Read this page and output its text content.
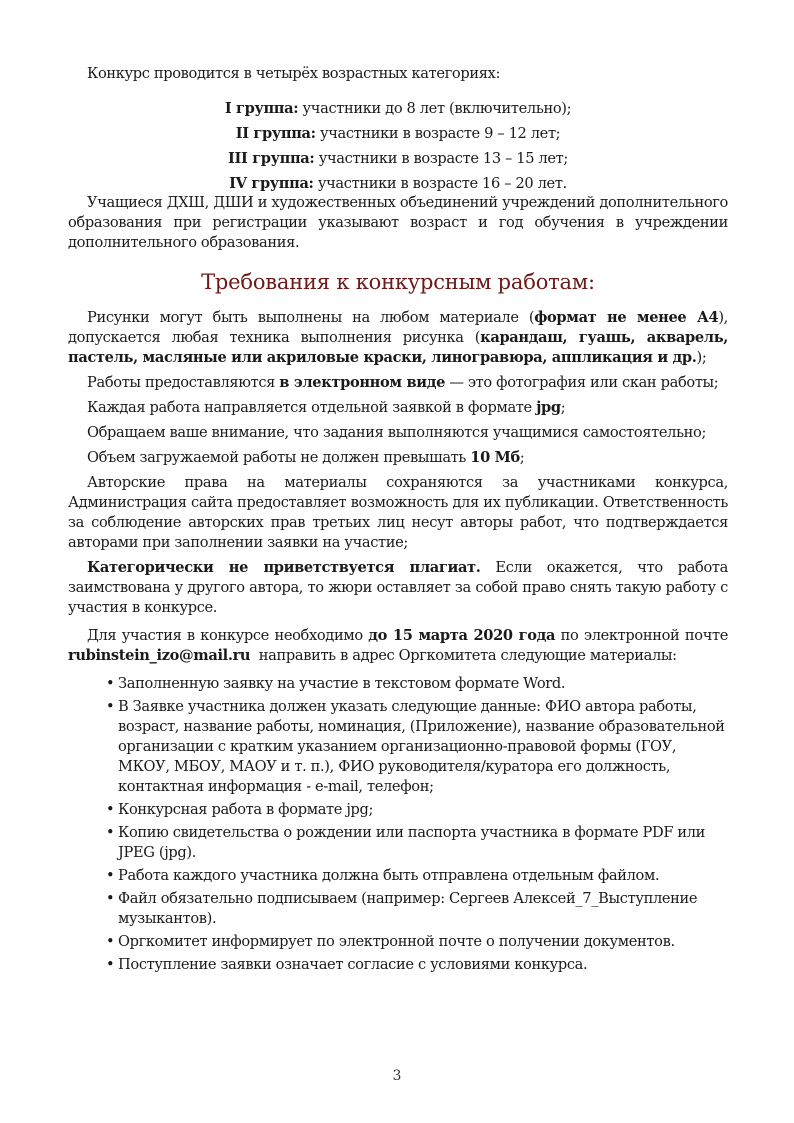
Конкурс проводится в четырёх возрастных категориях:

I группа: участники до 8 лет (включительно);
II группа: участники в возрасте 9 – 12 лет;
III группа: участники в возрасте 13 – 15 лет;
IV группа: участники в возрасте 16 – 20 лет.

Учащиеся ДХШ, ДШИ и художественных объединений учреждений дополнительного образования при регистрации указывают возраст и год обучения в учреждении дополнительного образования.

Требования к конкурсным работам:

Рисунки могут быть выполнены на любом материале (формат не менее А4), допускается любая техника выполнения рисунка (карандаш, гуашь, акварель, пастель, масляные или акриловые краски, линогравюра, аппликация и др.);

Работы предоставляются в электронном виде — это фотография или скан работы;

Каждая работа направляется отдельной заявкой в формате jpg;

Обращаем ваше внимание, что задания выполняются учащимися самостоятельно;

Объем загружаемой работы не должен превышать 10 Мб;

Авторские права на материалы сохраняются за участниками конкурса, Администрация сайта предоставляет возможность для их публикации. Ответственность за соблюдение авторских прав третьих лиц несут авторы работ, что подтверждается авторами при заполнении заявки на участие;

Категорически не приветствуется плагиат. Если окажется, что работа заимствована у другого автора, то жюри оставляет за собой право снять такую работу с участия в конкурсе.

Для участия в конкурсе необходимо до 15 марта 2020 года по электронной почте rubinstein_izo@mail.ru  направить в адрес Оргкомитета следующие материалы:

• Заполненную заявку на участие в текстовом формате Word.
• В Заявке участника должен указать следующие данные: ФИО автора работы, возраст, название работы, номинация, (Приложение), название образовательной организации с кратким указанием организационно-правовой формы (ГОУ, МКОУ, МБОУ, МАОУ и т. п.), ФИО руководителя/куратора его должность, контактная информация - e-mail, телефон;
• Конкурсная работа в формате jpg;
• Копию свидетельства о рождении или паспорта участника в формате PDF или JPEG (jpg).
• Работа каждого участника должна быть отправлена отдельным файлом.
• Файл обязательно подписываем (например: Сергеев Алексей_7_Выступление музыкантов).
• Оргкомитет информирует по электронной почте о получении документов.
• Поступление заявки означает согласие с условиями конкурса.
3
